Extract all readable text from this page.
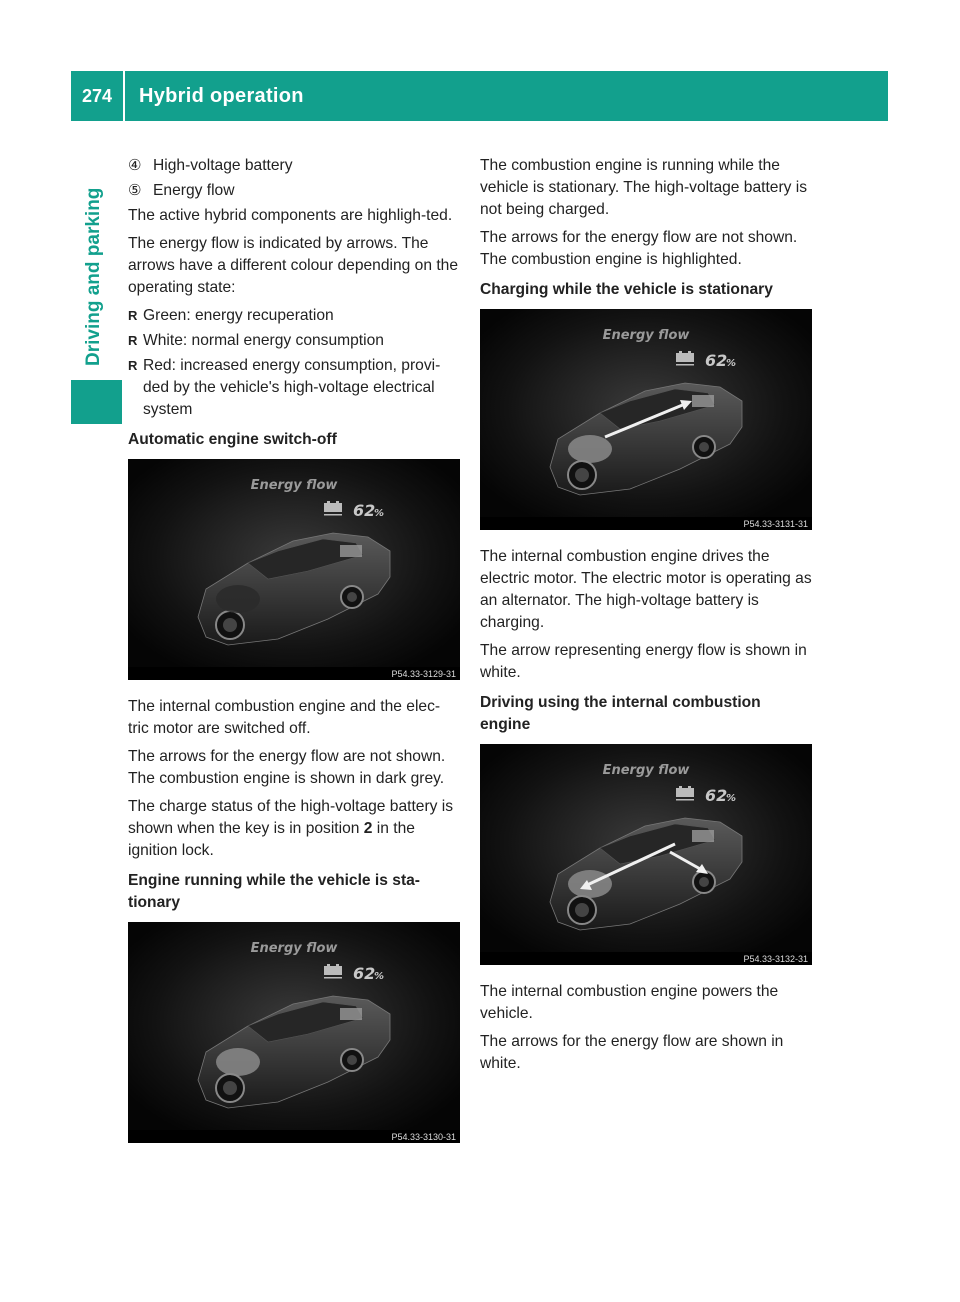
274	Hybrid operation
Driving and parking
④ High-voltage battery
⑤ Energy flow

The active hybrid components are highligh-ted.

The energy flow is indicated by arrows. The arrows have a different colour depending on the operating state:

R Green: energy recuperation
R White: normal energy consumption
R Red: increased energy consumption, provi-ded by the vehicle's high-voltage electrical system
Automatic engine switch-off
Energy flow
62
%
P54.33-3129-31

The internal combustion engine and the elec-tric motor are switched off.

The arrows for the energy flow are not shown. The combustion engine is shown in dark grey.

The charge status of the high-voltage battery is shown when the key is in position 2 in the ignition lock.

Engine running while the vehicle is sta-tionary
Energy flow
62
%
P54.33-3130-31

The combustion engine is running while the vehicle is stationary. The high-voltage battery is not being charged.

The arrows for the energy flow are not shown. The combustion engine is highlighted.

Charging while the vehicle is stationary
Energy flow
62
%
P54.33-3131-31

The internal combustion engine drives the electric motor. The electric motor is operating as an alternator. The high-voltage battery is charging.

The arrow representing energy flow is shown in white.

Driving using the internal combustion engine
Energy flow
62
%
P54.33-3132-31

The internal combustion engine powers the vehicle.

The arrows for the energy flow are shown in white.
